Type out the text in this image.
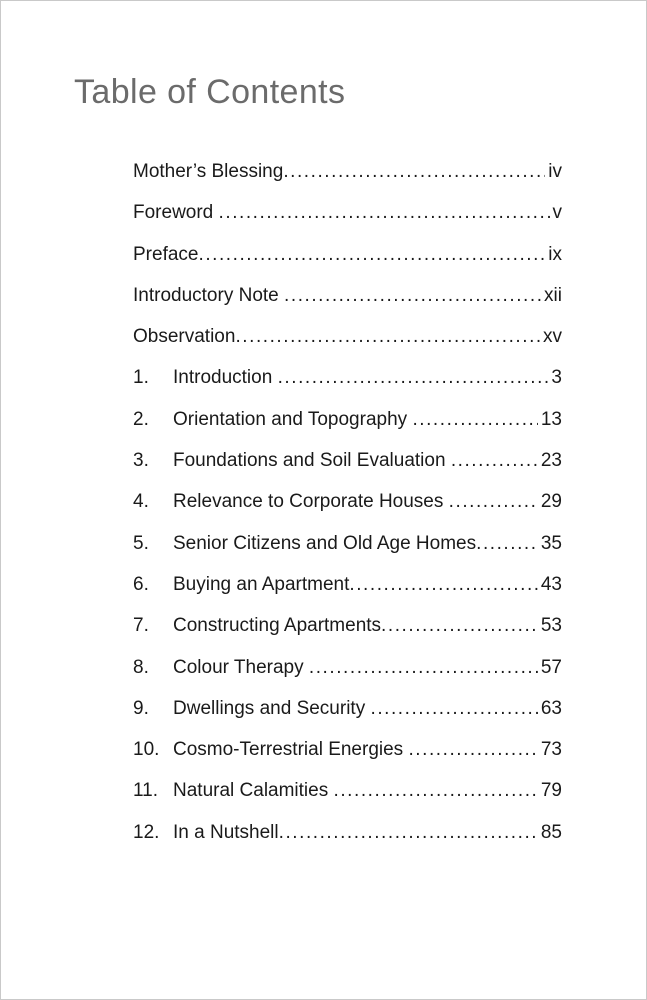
Table of Contents
Mother’s Blessing .....	iv
Foreword .....	v
Preface .....	ix
Introductory Note .....	xii
Observation .....	xv
1.	Introduction .....	3
2.	Orientation and Topography .....	13
3.	Foundations and Soil Evaluation .....	23
4.	Relevance to Corporate Houses .....	29
5.	Senior Citizens and Old Age Homes .....	35
6.	Buying an Apartment .....	43
7.	Constructing Apartments .....	53
8.	Colour Therapy .....	57
9.	Dwellings and Security .....	63
10. Cosmo-Terrestrial Energies .....	73
11. Natural Calamities .....	79
12. In a Nutshell .....	85
